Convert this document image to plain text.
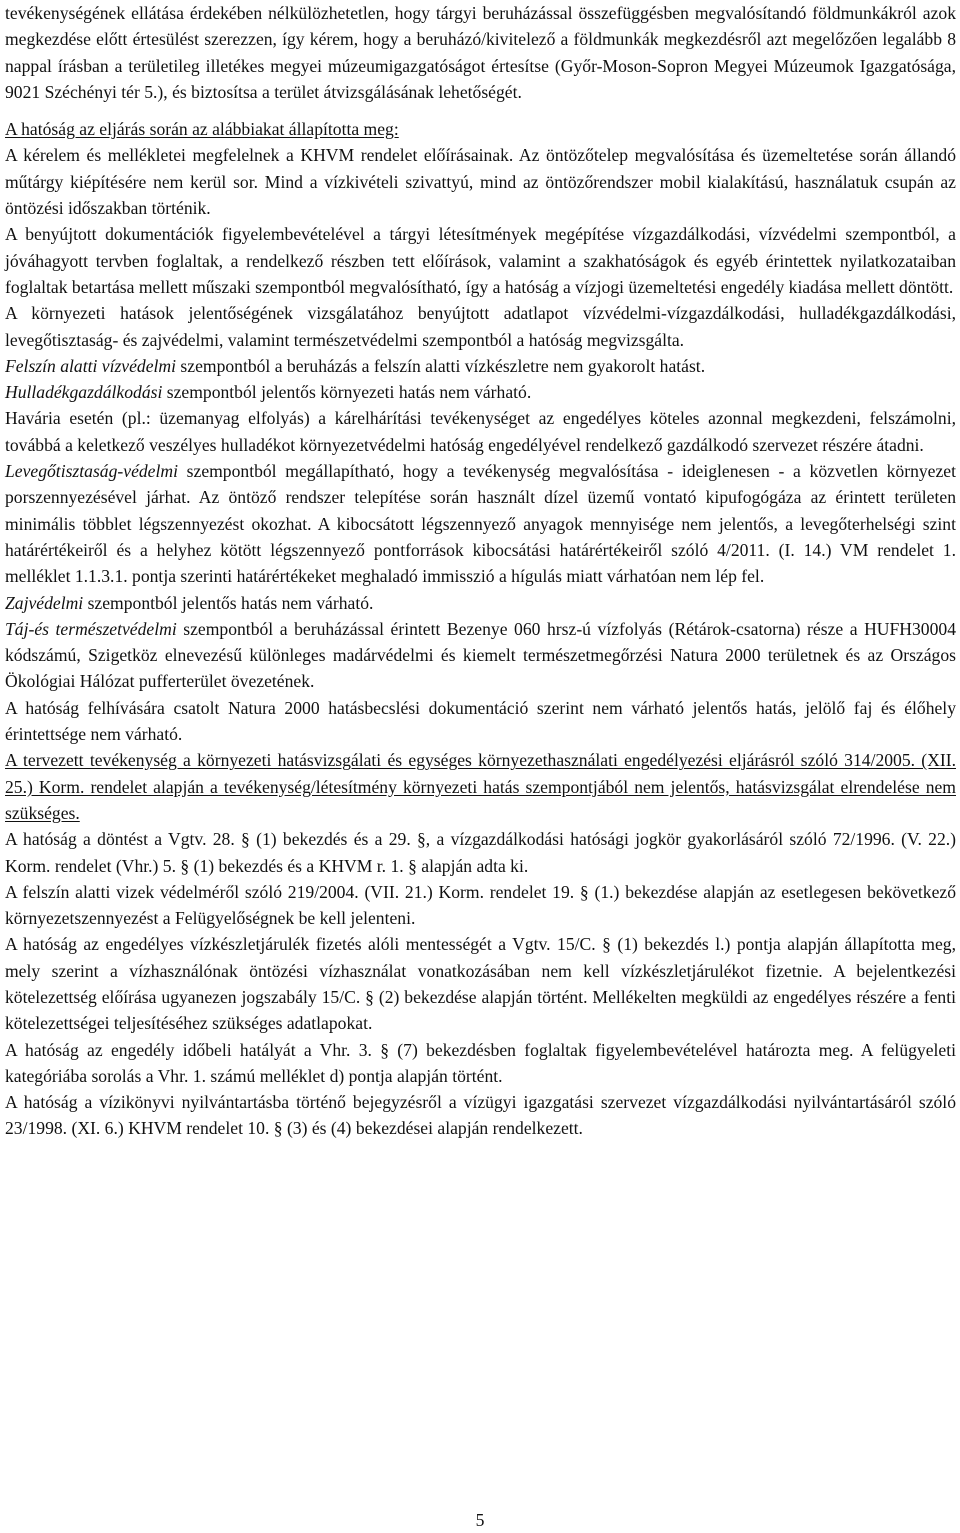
tevékenységének ellátása érdekében nélkülözhetetlen, hogy tárgyi beruházással összefüggésben megvalósítandó földmunkákról azok megkezdése előtt értesülést szerezzen, így kérem, hogy a beruházó/kivitelező a földmunkák megkezdésről azt megelőzően legalább 8 nappal írásban a területileg illetékes megyei múzeumigazgatóságot értesítse (Győr-Moson-Sopron Megyei Múzeumok Igazgatósága, 9021 Széchényi tér 5.), és biztosítsa a terület átvizsgálásának lehetőségét.

A hatóság az eljárás során az alábbiakat állapította meg:

A kérelem és mellékletei megfelelnek a KHVM rendelet előírásainak. Az öntözőtelep megvalósítása és üzemeltetése során állandó műtárgy kiépítésére nem kerül sor. Mind a vízkivételi szivattyú, mind az öntözőrendszer mobil kialakítású, használatuk csupán az öntözési időszakban történik.

A benyújtott dokumentációk figyelembevételével a tárgyi létesítmények megépítése vízgazdálkodási, vízvédelmi szempontból, a jóváhagyott tervben foglaltak, a rendelkező részben tett előírások, valamint a szakhatóságok és egyéb érintettek nyilatkozataiban foglaltak betartása mellett műszaki szempontból megvalósítható, így a hatóság a vízjogi üzemeltetési engedély kiadása mellett döntött.

A környezeti hatások jelentőségének vizsgálatához benyújtott adatlapot vízvédelmi-vízgazdálkodási, hulladékgazdálkodási, levegőtisztaság- és zajvédelmi, valamint természetvédelmi szempontból a hatóság megvizsgálta.

Felszín alatti vízvédelmi szempontból a beruházás a felszín alatti vízkészletre nem gyakorolt hatást.

Hulladékgazdálkodási szempontból jelentős környezeti hatás nem várható.

Havária esetén (pl.: üzemanyag elfolyás) a kárelhárítási tevékenységet az engedélyes köteles azonnal megkezdeni, felszámolni, továbbá a keletkező veszélyes hulladékot környezetvédelmi hatóság engedélyével rendelkező gazdálkodó szervezet részére átadni.

Levegőtisztaság-védelmi szempontból megállapítható, hogy a tevékenység megvalósítása - ideiglenesen - a közvetlen környezet porszennyezésével járhat. Az öntöző rendszer telepítése során használt dízel üzemű vontató kipufogógáza az érintett területen minimális többlet légszennyezést okozhat. A kibocsátott légszennyező anyagok mennyisége nem jelentős, a levegőterhelségi szint határértékeiről és a helyhez kötött légszennyező pontforrások kibocsátási határértékeiről szóló 4/2011. (I. 14.) VM rendelet 1. melléklet 1.1.3.1. pontja szerinti határértékeket meghaladó immisszió a hígulás miatt várhatóan nem lép fel.

Zajvédelmi szempontból jelentős hatás nem várható.

Táj-és természetvédelmi szempontból a beruházással érintett Bezenye 060 hrsz-ú vízfolyás (Rétárok-csatorna) része a HUFH30004 kódszámú, Szigetköz elnevezésű különleges madárvédelmi és kiemelt természetmegőrzési Natura 2000 területnek és az Országos Ökológiai Hálózat pufferterület övezetének.

A hatóság felhívására csatolt Natura 2000 hatásbecslési dokumentáció szerint nem várható jelentős hatás, jelölő faj és élőhely érintettsége nem várható.

A tervezett tevékenység a környezeti hatásvizsgálati és egységes környezethasználati engedélyezési eljárásról szóló 314/2005. (XII. 25.) Korm. rendelet alapján a tevékenység/létesítmény környezeti hatás szempontjából nem jelentős, hatásvizsgálat elrendelése nem szükséges.

A hatóság a döntést a Vgtv. 28. § (1) bekezdés és a 29. §, a vízgazdálkodási hatósági jogkör gyakorlásáról szóló 72/1996. (V. 22.) Korm. rendelet (Vhr.) 5. § (1) bekezdés és a KHVM r. 1. § alapján adta ki.

A felszín alatti vizek védelméről szóló 219/2004. (VII. 21.) Korm. rendelet 19. § (1.) bekezdése alapján az esetlegesen bekövetkező környezetszennyezést a Felügyelőségnek be kell jelenteni.

A hatóság az engedélyes vízkészletjárulék fizetés alóli mentességét a Vgtv. 15/C. § (1) bekezdés l.) pontja alapján állapította meg, mely szerint a vízhasználónak öntözési vízhasználat vonatkozásában nem kell vízkészletjárulékot fizetnie. A bejelentkezési kötelezettség előírása ugyanezen jogszabály 15/C. § (2) bekezdése alapján történt. Mellékelten megküldi az engedélyes részére a fenti kötelezettségei teljesítéséhez szükséges adatlapokat.

A hatóság az engedély időbeli hatályát a Vhr. 3. § (7) bekezdésben foglaltak figyelembevételével határozta meg. A felügyeleti kategóriába sorolás a Vhr. 1. számú melléklet d) pontja alapján történt.

A hatóság a vízikönyvi nyilvántartásba történő bejegyzésről a vízügyi igazgatási szervezet vízgazdálkodási nyilvántartásáról szóló 23/1998. (XI. 6.) KHVM rendelet 10. § (3) és (4) bekezdései alapján rendelkezett.

5
